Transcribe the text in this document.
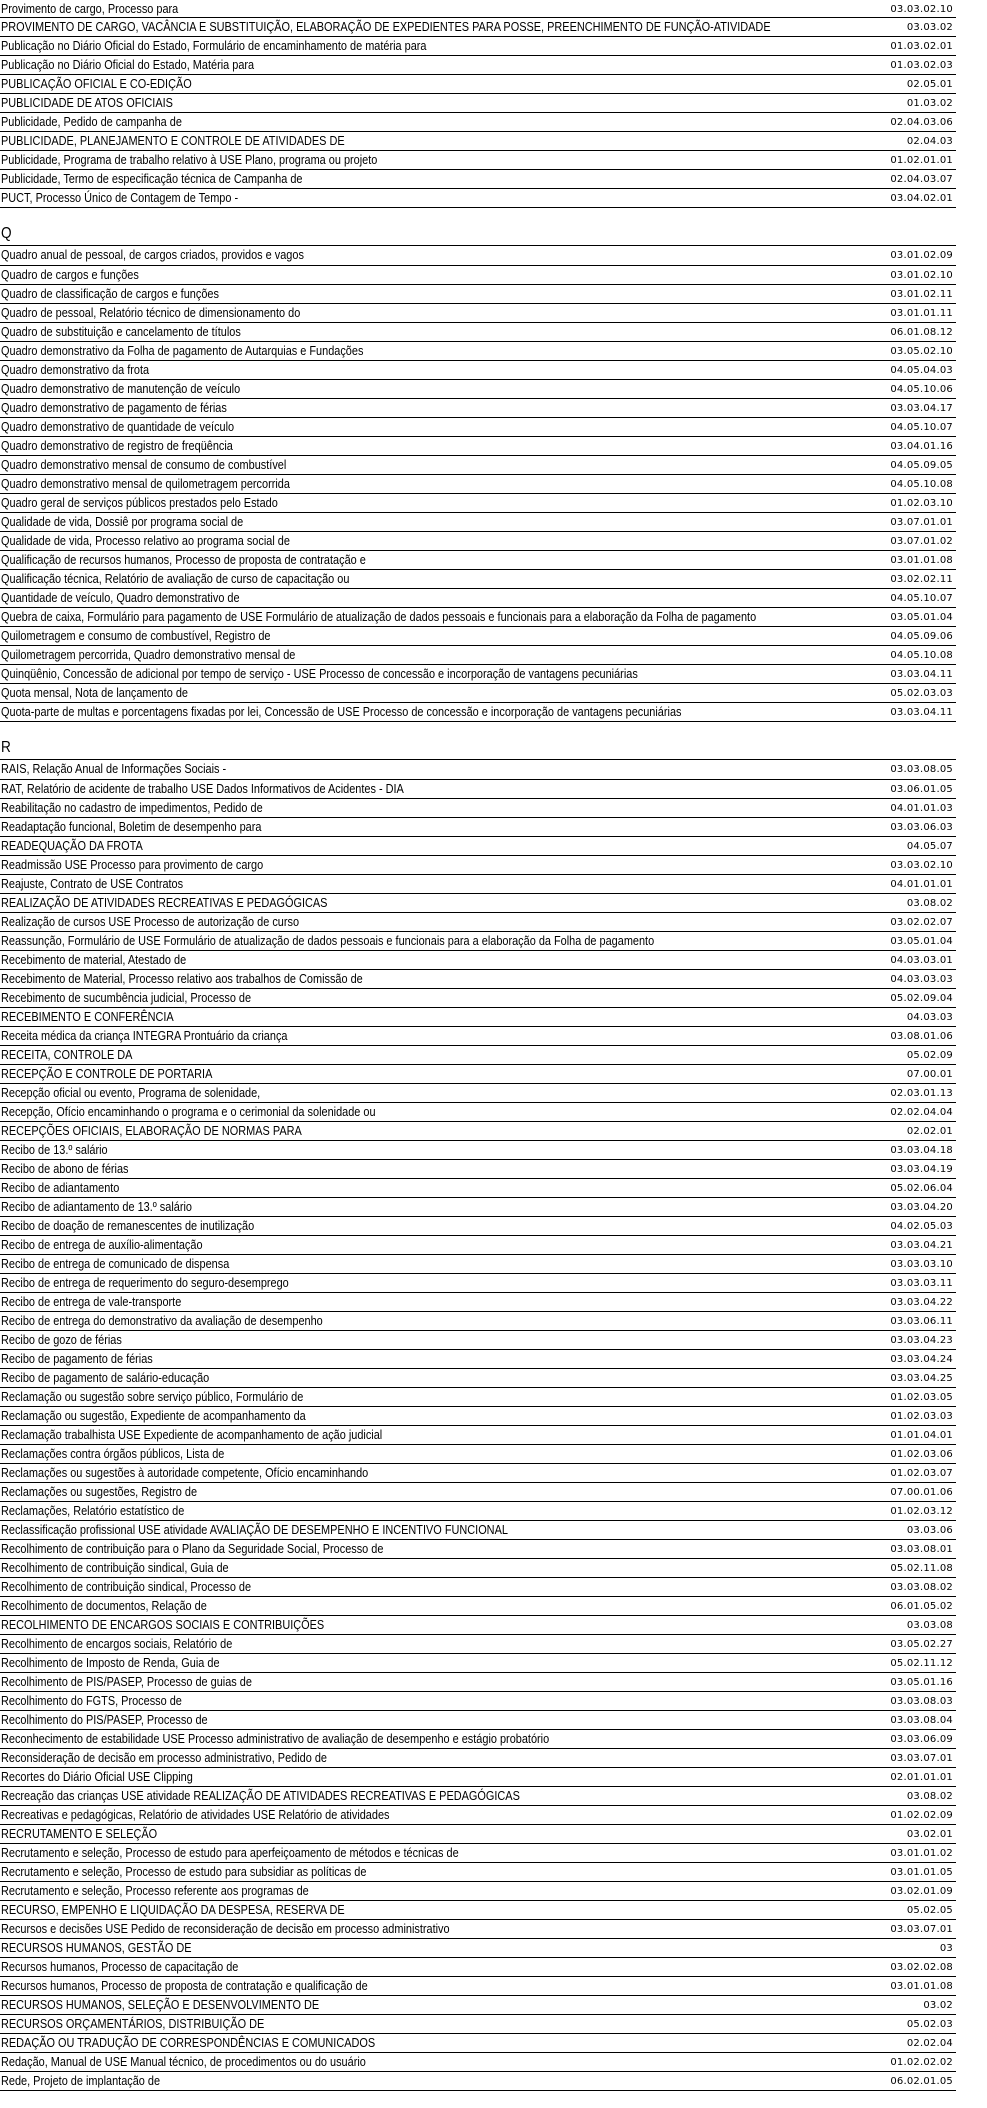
Provimento de cargo, Processo para	03.03.02.10
PROVIMENTO DE CARGO, VACÂNCIA E SUBSTITUIÇÃO, ELABORAÇÃO DE EXPEDIENTES PARA POSSE, PREENCHIMENTO DE FUNÇÃO-ATIVIDADE	03.03.02
Publicação no Diário Oficial do Estado, Formulário de encaminhamento de matéria para	01.03.02.01
Publicação no Diário Oficial do Estado, Matéria para	01.03.02.03
PUBLICAÇÃO OFICIAL E CO-EDIÇÃO	02.05.01
PUBLICIDADE DE ATOS OFICIAIS	01.03.02
Publicidade, Pedido de campanha de	02.04.03.06
PUBLICIDADE, PLANEJAMENTO E CONTROLE DE ATIVIDADES DE	02.04.03
Publicidade, Programa de trabalho relativo à USE Plano, programa ou projeto	01.02.01.01
Publicidade, Termo de especificação técnica de Campanha de	02.04.03.07
PUCT, Processo Único de Contagem de Tempo -	03.04.02.01
Q
Quadro anual de pessoal, de cargos criados, providos e vagos	03.01.02.09
Quadro de cargos e funções	03.01.02.10
Quadro de classificação de cargos e funções	03.01.02.11
Quadro de pessoal, Relatório técnico de dimensionamento do	03.01.01.11
Quadro de substituição e cancelamento de títulos	06.01.08.12
Quadro demonstrativo da Folha de pagamento de Autarquias e Fundações	03.05.02.10
Quadro demonstrativo da frota	04.05.04.03
Quadro demonstrativo de manutenção de veículo	04.05.10.06
Quadro demonstrativo de pagamento de férias	03.03.04.17
Quadro demonstrativo de quantidade de veículo	04.05.10.07
Quadro demonstrativo de registro de freqüência	03.04.01.16
Quadro demonstrativo mensal de consumo de combustível	04.05.09.05
Quadro demonstrativo mensal de quilometragem percorrida	04.05.10.08
Quadro geral de serviços públicos prestados pelo Estado	01.02.03.10
Qualidade de vida, Dossiê por programa social de	03.07.01.01
Qualidade de vida, Processo relativo ao programa social de	03.07.01.02
Qualificação de recursos humanos, Processo de proposta de contratação e	03.01.01.08
Qualificação técnica, Relatório de avaliação de curso de capacitação ou	03.02.02.11
Quantidade de veículo, Quadro demonstrativo de	04.05.10.07
Quebra de caixa, Formulário para pagamento de USE Formulário de atualização de dados pessoais e funcionais para a elaboração da Folha de pagamento	03.05.01.04
Quilometragem e consumo de combustível, Registro de	04.05.09.06
Quilometragem percorrida, Quadro demonstrativo mensal de	04.05.10.08
Quinqüênio, Concessão de adicional por tempo de serviço - USE Processo de concessão e incorporação de vantagens pecuniárias	03.03.04.11
Quota mensal, Nota de lançamento de	05.02.03.03
Quota-parte de multas e porcentagens fixadas por lei, Concessão de USE Processo de concessão e incorporação de vantagens pecuniárias	03.03.04.11
R
RAIS, Relação Anual de Informações Sociais -	03.03.08.05
RAT, Relatório de acidente de trabalho USE Dados Informativos de Acidentes - DIA	03.06.01.05
Reabilitação no cadastro de impedimentos, Pedido de	04.01.01.03
Readaptação funcional, Boletim de desempenho para	03.03.06.03
READEQUAÇÃO DA FROTA	04.05.07
Readmissão USE Processo para provimento de cargo	03.03.02.10
Reajuste, Contrato de USE Contratos	04.01.01.01
REALIZAÇÃO DE ATIVIDADES RECREATIVAS E PEDAGÓGICAS	03.08.02
Realização de cursos USE Processo de autorização de curso	03.02.02.07
Reassunção, Formulário de USE Formulário de atualização de dados pessoais e funcionais para a elaboração da Folha de pagamento	03.05.01.04
Recebimento de material, Atestado de	04.03.03.01
Recebimento de Material, Processo relativo aos trabalhos de Comissão de	04.03.03.03
Recebimento de sucumbência judicial, Processo de	05.02.09.04
RECEBIMENTO E CONFERÊNCIA	04.03.03
Receita médica da criança INTEGRA Prontuário da criança	03.08.01.06
RECEITA, CONTROLE DA	05.02.09
RECEPÇÃO E CONTROLE DE PORTARIA	07.00.01
Recepção oficial ou evento, Programa de solenidade,	02.03.01.13
Recepção, Ofício encaminhando o programa e o cerimonial da solenidade ou	02.02.04.04
RECEPÇÕES OFICIAIS, ELABORAÇÃO DE NORMAS PARA	02.02.01
Recibo de 13.º salário	03.03.04.18
Recibo de abono de férias	03.03.04.19
Recibo de adiantamento	05.02.06.04
Recibo de adiantamento de 13.º salário	03.03.04.20
Recibo de doação de remanescentes de inutilização	04.02.05.03
Recibo de entrega de auxílio-alimentação	03.03.04.21
Recibo de entrega de comunicado de dispensa	03.03.03.10
Recibo de entrega de requerimento do seguro-desemprego	03.03.03.11
Recibo de entrega de vale-transporte	03.03.04.22
Recibo de entrega do demonstrativo da avaliação de desempenho	03.03.06.11
Recibo de gozo de férias	03.03.04.23
Recibo de pagamento de férias	03.03.04.24
Recibo de pagamento de salário-educação	03.03.04.25
Reclamação ou sugestão sobre serviço público, Formulário de	01.02.03.05
Reclamação ou sugestão, Expediente de acompanhamento da	01.02.03.03
Reclamação trabalhista USE Expediente de acompanhamento de ação judicial	01.01.04.01
Reclamações contra órgãos públicos, Lista de	01.02.03.06
Reclamações ou sugestões à autoridade competente, Ofício encaminhando	01.02.03.07
Reclamações ou sugestões, Registro de	07.00.01.06
Reclamações, Relatório estatístico de	01.02.03.12
Reclassificação profissional USE atividade AVALIAÇÃO DE DESEMPENHO E INCENTIVO FUNCIONAL	03.03.06
Recolhimento de contribuição para o Plano da Seguridade Social, Processo de	03.03.08.01
Recolhimento de contribuição sindical, Guia de	05.02.11.08
Recolhimento de contribuição sindical, Processo de	03.03.08.02
Recolhimento de documentos, Relação de	06.01.05.02
RECOLHIMENTO DE ENCARGOS SOCIAIS E CONTRIBUIÇÕES	03.03.08
Recolhimento de encargos sociais, Relatório de	03.05.02.27
Recolhimento de Imposto de Renda, Guia de	05.02.11.12
Recolhimento de PIS/PASEP, Processo de guias de	03.05.01.16
Recolhimento do FGTS, Processo de	03.03.08.03
Recolhimento do PIS/PASEP, Processo de	03.03.08.04
Reconhecimento de estabilidade USE Processo administrativo de avaliação de desempenho e estágio probatório	03.03.06.09
Reconsideração de decisão em processo administrativo, Pedido de	03.03.07.01
Recortes do Diário Oficial USE Clipping	02.01.01.01
Recreação das crianças USE atividade REALIZAÇÃO DE ATIVIDADES RECREATIVAS E PEDAGÓGICAS	03.08.02
Recreativas e pedagógicas, Relatório de atividades USE Relatório de atividades	01.02.02.09
RECRUTAMENTO E SELEÇÃO	03.02.01
Recrutamento e seleção, Processo de estudo para aperfeiçoamento de métodos e técnicas de	03.01.01.02
Recrutamento e seleção, Processo de estudo para subsidiar as políticas de	03.01.01.05
Recrutamento e seleção, Processo referente aos programas de	03.02.01.09
RECURSO, EMPENHO E LIQUIDAÇÃO DA DESPESA, RESERVA DE	05.02.05
Recursos e decisões USE Pedido de reconsideração de decisão em processo administrativo	03.03.07.01
RECURSOS HUMANOS, GESTÃO DE	03
Recursos humanos, Processo de capacitação de	03.02.02.08
Recursos humanos, Processo de proposta de contratação e qualificação de	03.01.01.08
RECURSOS HUMANOS, SELEÇÃO E DESENVOLVIMENTO DE	03.02
RECURSOS ORÇAMENTÁRIOS, DISTRIBUIÇÃO DE	05.02.03
REDAÇÃO OU TRADUÇÃO DE CORRESPONDÊNCIAS E COMUNICADOS	02.02.04
Redação, Manual de USE Manual técnico, de procedimentos ou do usuário	01.02.02.02
Rede, Projeto de implantação de	06.02.01.05
